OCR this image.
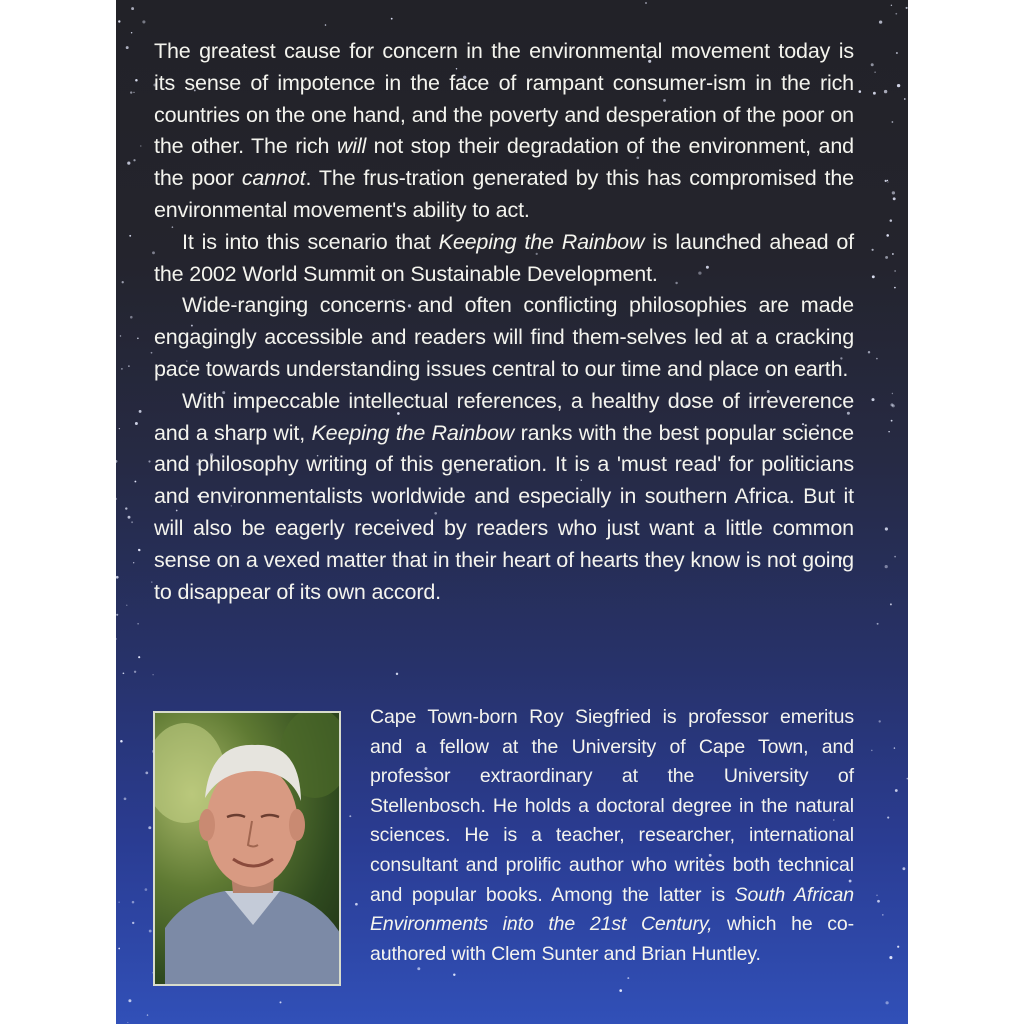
The greatest cause for concern in the environmental movement today is its sense of impotence in the face of rampant consumer-ism in the rich countries on the one hand, and the poverty and desperation of the poor on the other. The rich will not stop their degradation of the environment, and the poor cannot. The frus-tration generated by this has compromised the environmental movement's ability to act.

It is into this scenario that Keeping the Rainbow is launched ahead of the 2002 World Summit on Sustainable Development.

Wide-ranging concerns and often conflicting philosophies are made engagingly accessible and readers will find them-selves led at a cracking pace towards understanding issues central to our time and place on earth.

With impeccable intellectual references, a healthy dose of irreverence and a sharp wit, Keeping the Rainbow ranks with the best popular science and philosophy writing of this generation. It is a 'must read' for politicians and environmentalists worldwide and especially in southern Africa. But it will also be eagerly received by readers who just want a little common sense on a vexed matter that in their heart of hearts they know is not going to disappear of its own accord.

Cape Town-born Roy Siegfried is professor emeritus and a fellow at the University of Cape Town, and professor extraordinary at the University of Stellenbosch. He holds a doctoral degree in the natural sciences. He is a teacher, researcher, international consultant and prolific author who writes both technical and popular books. Among the latter is South African Environments into the 21st Century, which he co-authored with Clem Sunter and Brian Huntley.
